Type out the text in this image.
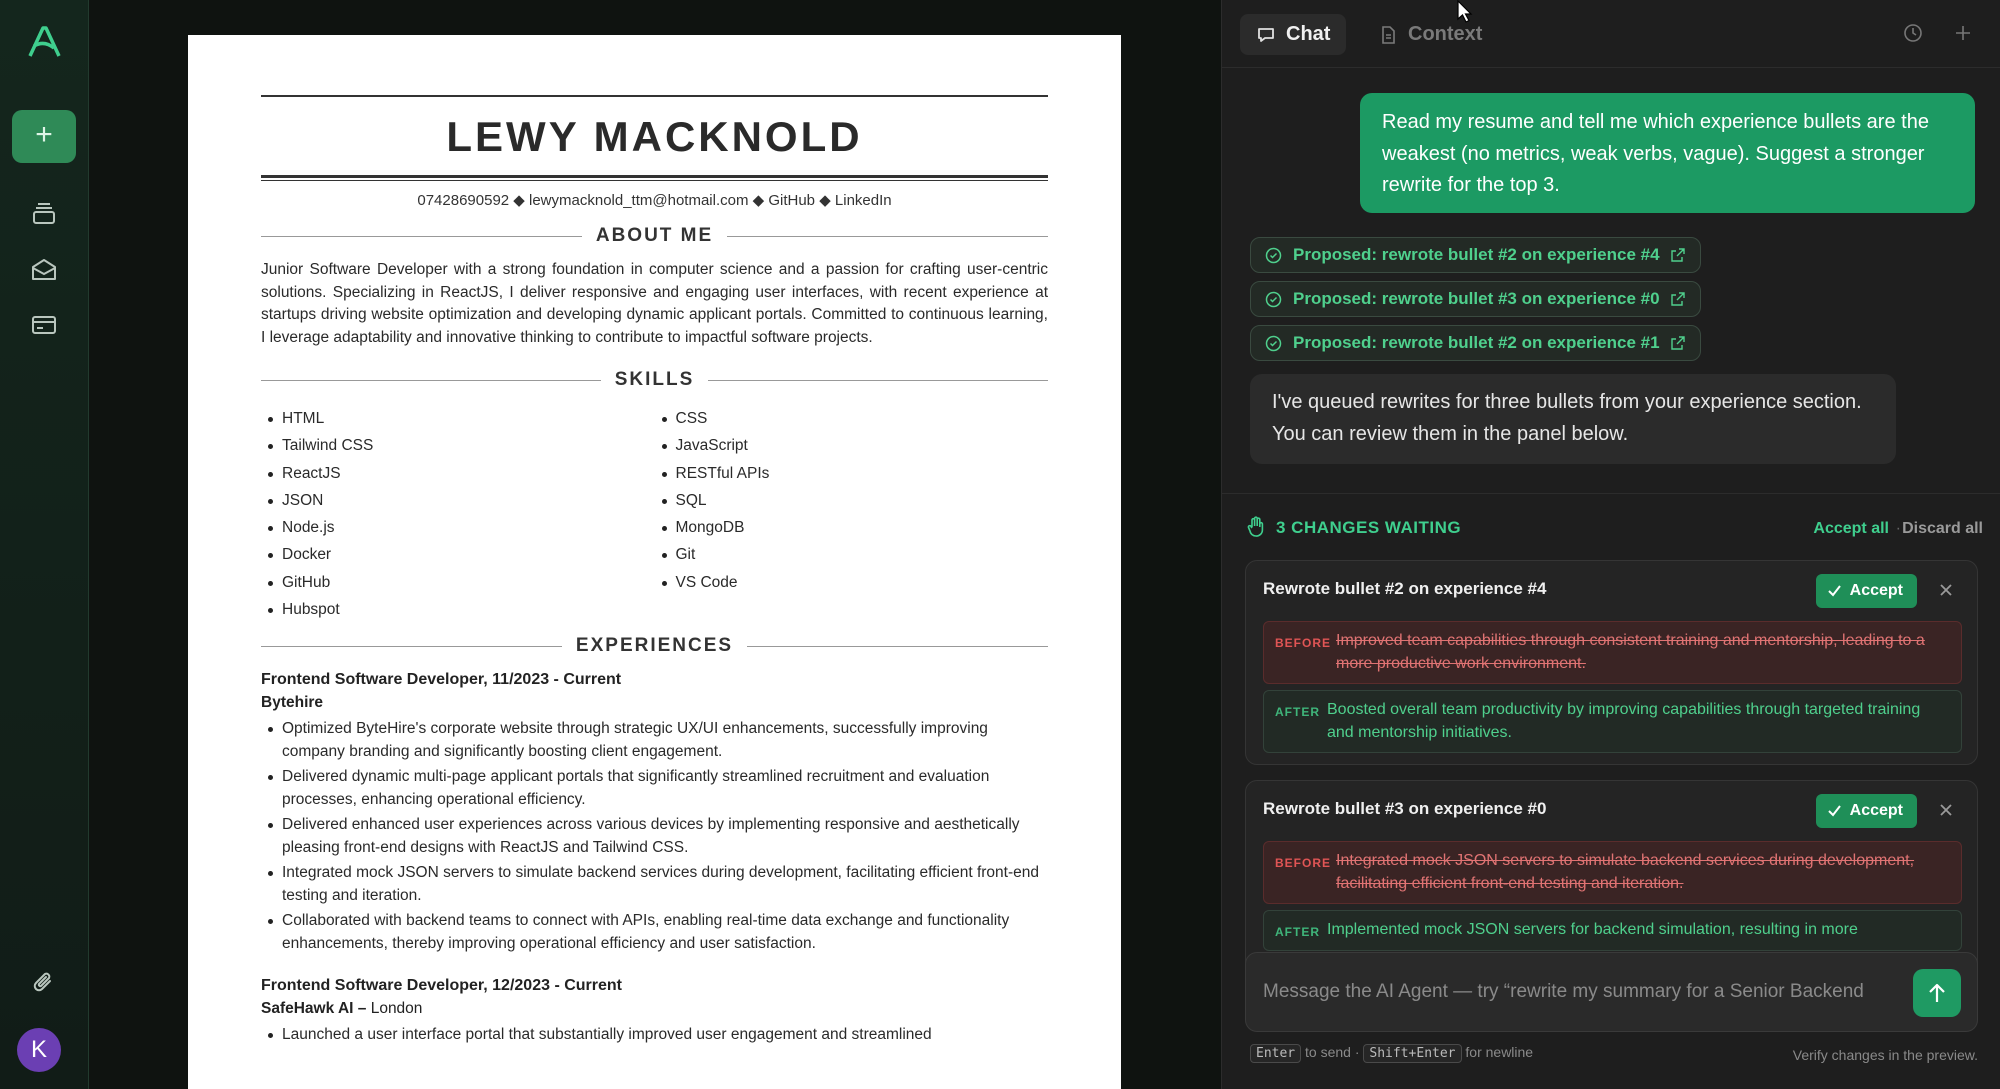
+
K
LEWY MACKNOLD
07428690592 ◆ lewymacknold_ttm@hotmail.com ◆ GitHub ◆ LinkedIn
ABOUT ME

Junior Software Developer with a strong foundation in computer science and a passion for crafting user-centric solutions. Specializing in ReactJS, I deliver responsive and engaging user interfaces, with recent experience at startups driving website optimization and developing dynamic applicant portals. Committed to continuous learning, I leverage adaptability and innovative thinking to contribute to impactful software projects.

SKILLS
HTML
Tailwind CSS
ReactJS
JSON
Node.js
Docker
GitHub
Hubspot
CSS
JavaScript
RESTful APIs
SQL
MongoDB
Git
VS Code
EXPERIENCES
Frontend Software Developer, 11/2023 - Current
Bytehire
Optimized ByteHire's corporate website through strategic UX/UI enhancements, successfully improving company branding and significantly boosting client engagement.
Delivered dynamic multi-page applicant portals that significantly streamlined recruitment and evaluation processes, enhancing operational efficiency.
Delivered enhanced user experiences across various devices by implementing responsive and aesthetically pleasing front-end designs with ReactJS and Tailwind CSS.
Integrated mock JSON servers to simulate backend services during development, facilitating efficient front-end testing and iteration.
Collaborated with backend teams to connect with APIs, enabling real-time data exchange and functionality enhancements, thereby improving operational efficiency and user satisfaction.
Frontend Software Developer, 12/2023 - Current
SafeHawk AI – London
Launched a user interface portal that substantially improved user engagement and streamlined
Chat	Context
Read my resume and tell me which experience bullets are the weakest (no metrics, weak verbs, vague). Suggest a stronger rewrite for the top 3.
Proposed: rewrote bullet #2 on experience #4
Proposed: rewrote bullet #3 on experience #0
Proposed: rewrote bullet #2 on experience #1
I've queued rewrites for three bullets from your experience section. You can review them in the panel below.
3 CHANGES WAITING	Accept all · Discard all
Rewrote bullet #2 on experience #4	Accept
BEFORE Improved team capabilities through consistent training and mentorship, leading to a more productive work environment.
AFTER Boosted overall team productivity by improving capabilities through targeted training and mentorship initiatives.
Rewrote bullet #3 on experience #0	Accept
BEFORE Integrated mock JSON servers to simulate backend services during development, facilitating efficient front-end testing and iteration.
AFTER Implemented mock JSON servers for backend simulation, resulting in more
Message the AI Agent — try “rewrite my summary for a Senior Backend
Enter to send · Shift+Enter for newline	Verify changes in the preview.
